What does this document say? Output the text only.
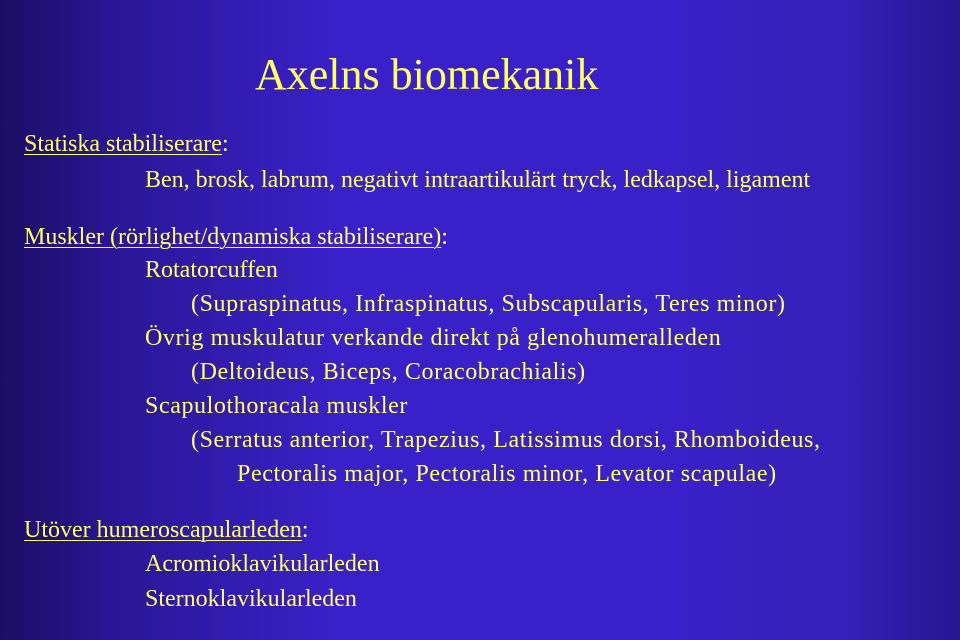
Axelns biomekanik
Statiska stabiliserare:
Ben, brosk, labrum, negativt intraartikulärt tryck, ledkapsel, ligament
Muskler (rörlighet/dynamiska stabiliserare):
Rotatorcuffen
(Supraspinatus, Infraspinatus, Subscapularis, Teres minor)
Övrig muskulatur verkande direkt på glenohumeralleden
(Deltoideus, Biceps, Coracobrachialis)
Scapulothoracala muskler
(Serratus anterior, Trapezius, Latissimus dorsi, Rhomboideus,
Pectoralis major, Pectoralis minor, Levator scapulae)
Utöver humeroscapularleden:
Acromioklavikularleden
Sternoklavikularleden
